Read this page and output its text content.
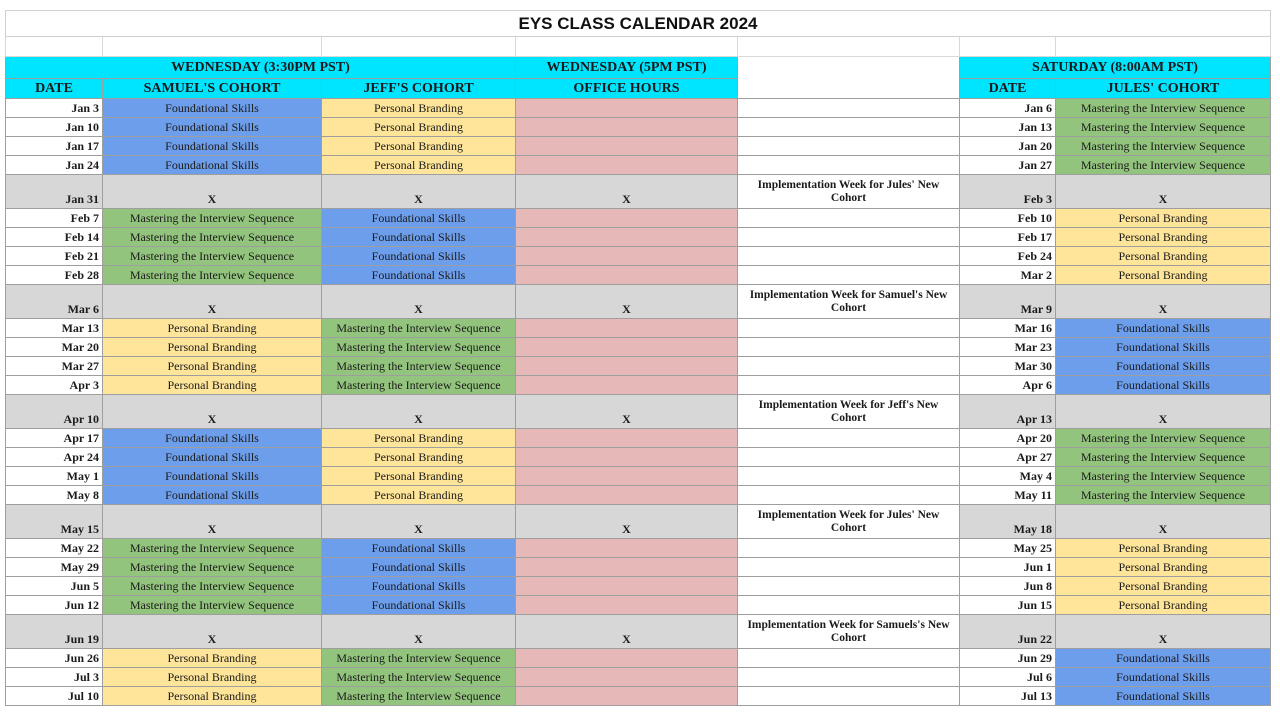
EYS CLASS CALENDAR 2024						

WEDNESDAY (3:30PM PST)			WEDNESDAY (5PM PST)		SATURDAY (8:00AM PST)	
DATE	SAMUEL'S COHORT	JEFF'S COHORT	OFFICE HOURS		DATE	JULES' COHORT
Jan 3	Foundational Skills	Personal Branding			Jan 6	Mastering the Interview Sequence
Jan 10	Foundational Skills	Personal Branding			Jan 13	Mastering the Interview Sequence
Jan 17	Foundational Skills	Personal Branding			Jan 20	Mastering the Interview Sequence
Jan 24	Foundational Skills	Personal Branding			Jan 27	Mastering the Interview Sequence
Jan 31	X	X	X	Implementation Week for Jules' New Cohort	Feb 3	X
Feb 7	Mastering the Interview Sequence	Foundational Skills			Feb 10	Personal Branding
Feb 14	Mastering the Interview Sequence	Foundational Skills			Feb 17	Personal Branding
Feb 21	Mastering the Interview Sequence	Foundational Skills			Feb 24	Personal Branding
Feb 28	Mastering the Interview Sequence	Foundational Skills			Mar 2	Personal Branding
Mar 6	X	X	X	Implementation Week for Samuel's New Cohort	Mar 9	X
Mar 13	Personal Branding	Mastering the Interview Sequence			Mar 16	Foundational Skills
Mar 20	Personal Branding	Mastering the Interview Sequence			Mar 23	Foundational Skills
Mar 27	Personal Branding	Mastering the Interview Sequence			Mar 30	Foundational Skills
Apr 3	Personal Branding	Mastering the Interview Sequence			Apr 6	Foundational Skills
Apr 10	X	X	X	Implementation Week for Jeff's New Cohort	Apr 13	X
Apr 17	Foundational Skills	Personal Branding			Apr 20	Mastering the Interview Sequence
Apr 24	Foundational Skills	Personal Branding			Apr 27	Mastering the Interview Sequence
May 1	Foundational Skills	Personal Branding			May 4	Mastering the Interview Sequence
May 8	Foundational Skills	Personal Branding			May 11	Mastering the Interview Sequence
May 15	X	X	X	Implementation Week for Jules' New Cohort	May 18	X
May 22	Mastering the Interview Sequence	Foundational Skills			May 25	Personal Branding
May 29	Mastering the Interview Sequence	Foundational Skills			Jun 1	Personal Branding
Jun 5	Mastering the Interview Sequence	Foundational Skills			Jun 8	Personal Branding
Jun 12	Mastering the Interview Sequence	Foundational Skills			Jun 15	Personal Branding
Jun 19	X	X	X	Implementation Week for Samuels's New Cohort	Jun 22	X
Jun 26	Personal Branding	Mastering the Interview Sequence			Jun 29	Foundational Skills
Jul 3	Personal Branding	Mastering the Interview Sequence			Jul 6	Foundational Skills
Jul 10	Personal Branding	Mastering the Interview Sequence			Jul 13	Foundational Skills
